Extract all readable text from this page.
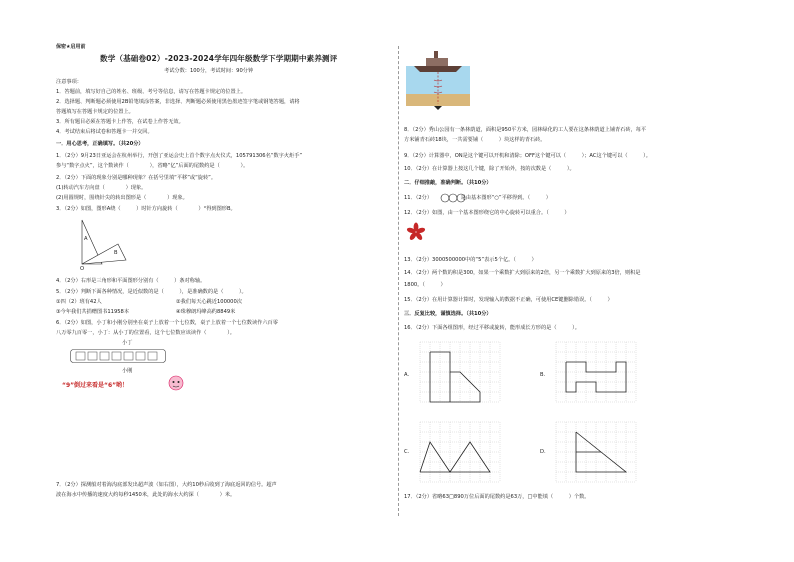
保密★启用前
数学（基础卷02）-2023-2024学年四年级数学下学期期中素养测评
考试分数：100分，考试时间：90分钟
注意事项：
1．答题前，填写好自己的姓名、班级、考号等信息，请写在答题卡规定的位置上。
2．选择题、判断题必须使用2B铅笔填涂答案，非选择、判断题必须使用黑色墨迹签字笔或钢笔答题，请将
答题填写在答题卡规定的位置上。
3．所有题目必须在答题卡上作答，在试卷上作答无效。
4．考试结束后将试卷和答题卡一并交回。
一．用心思考，正确填写。（共20分）
1．（2分）9月23日亚运会在杭州举行，开创了亚运会史上首个数字点火仪式，105791306名“数字火炬手”
参与“数字点火”，这个数读作（　　　　），省略“亿”后面的尾数约是（　　　　）。
2．（2分）下面的现象分别是哪种现象？在括号里填“平移”或“旋转”。
(1)转动汽车方向盘（　　　　）现象。
(2)用圆规时，围绕针尖的转出图形是（　　　　）现象。
3．（2分）如图，图形A绕（　　　）时针方向旋转（　　　　）°得到图形B。
A
B
O
4．（2分）右形是三角形和平面图形分别有（　　　）条对称轴。
5．（2分）判断下面各种情况，是近似数的是（　　　），是准确数的是（　　　）。
①四（2）班有42人	②我们每天心跳近100000次
③今年我们共捐赠图书11958本	④珠穆朗玛峰高约8849米
6．（2分）如图，小丁和小刚分别坐在桌子上放着一个七位数，桌子上放着一个七位数读作六百零
八万零九百零一，小丁：从小丁的位置看，这个七位数应该读作（　　　　）。
小丁
小刚
“9”倒过来看是“6”哟！
7．（2分）探测船对着海沟底部发出超声波（如右图），大约10秒后收到了海底返回的信号。超声
波在海水中传播的速度大约每秒1450米，此处的海水大约深（　　　　）米。
8．（2分）秀山公园有一条林荫道，面积是950平方米，园林绿化的工人要在这条林荫道上铺青石砖，每平
方米铺青石砖18块，一共需要铺（　　　）块这样的青石砖。
9．（2分）计算器中，ON是这个键可以开机和清除；OFF这个键可以（　　　）；AC这个键可以（　　　）。
10．（2分）在计算器上按这几个键，除了开始外，按的次数是（　　　）。
二．仔细推敲，准确判断。（共10分）
11．（2分）　　　　　　是由基本图形“○”平移得到。（　　　）
12．（2分）如图，由一个基本图形绕它的中心旋转可以重合。（　　　）
13．（2分）3000500000中的“5”表示5个亿。（　　　）
14．（2分）两个数的积是300，如果一个乘数扩大到原来的2倍，另一个乘数扩大到原来的3倍，则积是
1800。（　　　）
15．（2分）在用计算器计算时，发现输入的数据不正确，可使用CE键删除错误。（　　　）
三．反复比较，谨慎选择。（共10分）
16．（2分）下面各组图形，经过平移或旋转，能形成长方形的是（　　　）。
A.	B.
C.	D.
17．（2分）省略63□890万位后面的尾数约是63万，□中能填（　　　）个数。
